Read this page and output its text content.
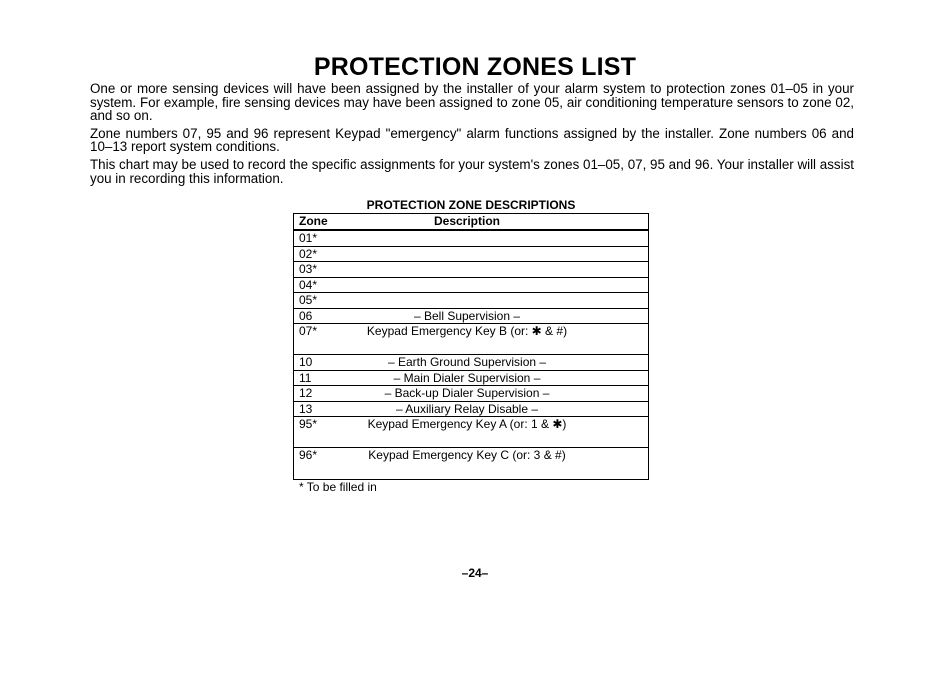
PROTECTION ZONES LIST

One or more sensing devices will have been assigned by the installer of your alarm system to protection zones 01–05 in your system. For example, fire sensing devices may have been assigned to zone 05, air conditioning temperature sensors to zone 02, and so on.

Zone numbers 07, 95 and 96 represent Keypad "emergency" alarm functions assigned by the installer. Zone numbers 06 and 10–13 report system conditions.

This chart may be used to record the specific assignments for your system's zones 01–05, 07, 95 and 96. Your installer will assist you in recording this information.

PROTECTION ZONE DESCRIPTIONS
Zone	Description
01*
02*
03*
04*
05*
06	– Bell Supervision –
07*	Keypad Emergency Key B (or: ✱ & #)
10	– Earth Ground Supervision –
11	– Main Dialer Supervision –
12	– Back-up Dialer Supervision –
13	– Auxiliary Relay Disable –
95*	Keypad Emergency Key A (or: 1 & ✱)
96*	Keypad Emergency Key C (or: 3 & #)
* To be filled in
–24–
